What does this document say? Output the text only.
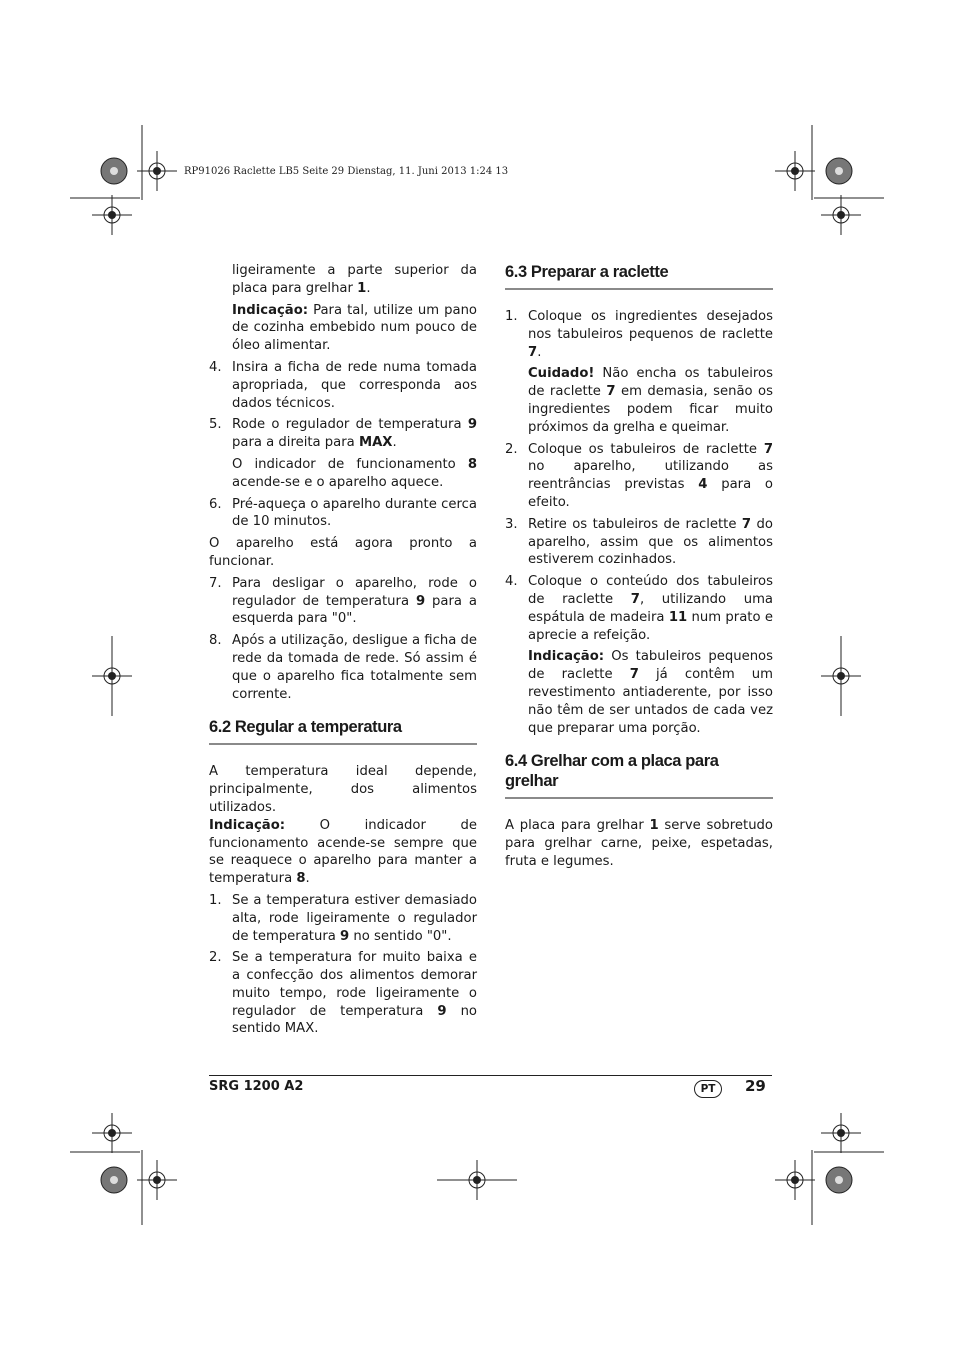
RP91026 Raclette LB5 Seite 29 Dienstag, 11. Juni 2013 1:24 13

ligeiramente a parte superior da placa para grelhar 1.

Indicação: Para tal, utilize um pano de cozinha embebido num pouco de óleo alimentar.

4. Insira a ficha de rede numa tomada apropriada, que corresponda aos dados técnicos.
5. Rode o regulador de temperatura 9 para a direita para MAX.

O indicador de funcionamento 8 acende-se e o aparelho aquece.

6. Pré-aqueça o aparelho durante cerca de 10 minutos.

O aparelho está agora pronto a funcionar.

7. Para desligar o aparelho, rode o regulador de temperatura 9 para a esquerda para "0".
8. Após a utilização, desligue a ficha de rede da tomada de rede. Só assim é que o aparelho fica totalmente sem corrente.
6.2 Regular a temperatura

A temperatura ideal depende, principalmente, dos alimentos utilizados.

Indicação: O indicador de funcionamento acende-se sempre que se reaquece o aparelho para manter a temperatura 8.

1. Se a temperatura estiver demasiado alta, rode ligeiramente o regulador de temperatura 9 no sentido "0".
2. Se a temperatura for muito baixa e a confecção dos alimentos demorar muito tempo, rode ligeiramente o regulador de temperatura 9 no sentido MAX.
6.3 Preparar a raclette
1. Coloque os ingredientes desejados nos tabuleiros pequenos de raclette 7.

Cuidado! Não encha os tabuleiros de raclette 7 em demasia, senão os ingredientes podem ficar muito próximos da grelha e queimar.

2. Coloque os tabuleiros de raclette 7 no aparelho, utilizando as reentrâncias previstas 4 para o efeito.
3. Retire os tabuleiros de raclette 7 do aparelho, assim que os alimentos estiverem cozinhados.
4. Coloque o conteúdo dos tabuleiros de raclette 7, utilizando uma espátula de madeira 11 num prato e aprecie a refeição.

Indicação: Os tabuleiros pequenos de raclette 7 já contêm um revestimento antiaderente, por isso não têm de ser untados de cada vez que preparar uma porção.

6.4 Grelhar com a placa para grelhar

A placa para grelhar 1 serve sobretudo para grelhar carne, peixe, espetadas, fruta e legumes.

SRG 1200 A2	PT	29
